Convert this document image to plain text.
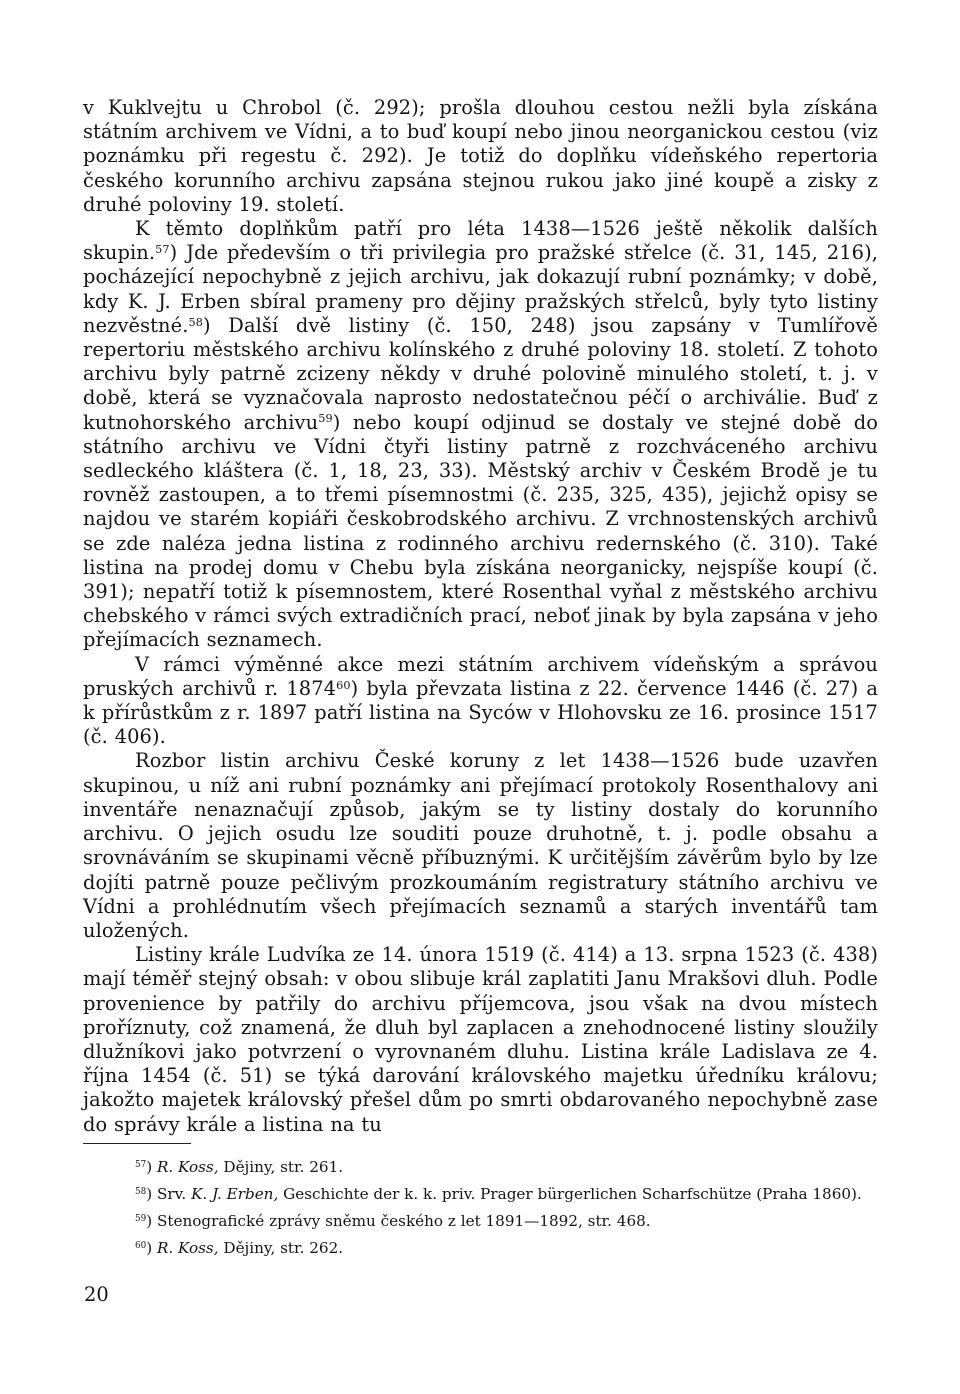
v Kuklvejtu u Chrobol (č. 292); prošla dlouhou cestou nežli byla získána státním archivem ve Vídni, a to buď koupí nebo jinou neorganickou cestou (viz poznámku při regestu č. 292). Je totiž do doplňku vídeňského repertoria českého korunního archivu zapsána stejnou rukou jako jiné koupě a zisky z druhé poloviny 19. století.

K těmto doplňkům patří pro léta 1438—1526 ještě několik dalších skupin.$^{57}$) Jde především o tři privilegia pro pražské střelce (č. 31, 145, 216), pocházející nepochybně z jejich archivu, jak dokazují rubní poznámky; v době, kdy K. J. Erben sbíral prameny pro dějiny pražských střelců, byly tyto listiny nezvěstné.$^{58}$) Další dvě listiny (č. 150, 248) jsou zapsány v Tumlířově repertoriu městského archivu kolínského z druhé poloviny 18. století. Z tohoto archivu byly patrně zcizeny někdy v druhé polovině minulého století, t. j. v době, která se vyznačovala naprosto nedostatečnou péčí o archiválie. Buď z kutnohorského archivu$^{59}$) nebo koupí odjinud se dostaly ve stejné době do státního archivu ve Vídni čtyři listiny patrně z rozchváceného archivu sedleckého kláštera (č. 1, 18, 23, 33). Městský archiv v Českém Brodě je tu rovněž zastoupen, a to třemi písemnostmi (č. 235, 325, 435), jejichž opisy se najdou ve starém kopiáři českobrodského archivu. Z vrchnostenských archivů se zde naléza jedna listina z rodinného archivu redernského (č. 310). Také listina na prodej domu v Chebu byla získána neorganicky, nejspíše koupí (č. 391); nepatří totiž k písemnostem, které Rosenthal vyňal z městského archivu chebského v rámci svých extradičních prací, neboť jinak by byla zapsána v jeho přejímacích seznamech.

V rámci výměnné akce mezi státním archivem vídeňským a správou pruských archivů r. 1874$^{60}$) byla převzata listina z 22. července 1446 (č. 27) a k přírůstkům z r. 1897 patří listina na Syców v Hlohovsku ze 16. prosince 1517 (č. 406).

Rozbor listin archivu České koruny z let 1438—1526 bude uzavřen skupinou, u níž ani rubní poznámky ani přejímací protokoly Rosenthalovy ani inventáře nenaznačují způsob, jakým se ty listiny dostaly do korunního archivu. O jejich osudu lze souditi pouze druhotně, t. j. podle obsahu a srovnáváním se skupinami věcně příbuznými. K určitějším závěrům bylo by lze dojíti patrně pouze pečlivým prozkoumáním registratury státního archivu ve Vídni a prohlédnutím všech přejímacích seznamů a starých inventářů tam uložených.

Listiny krále Ludvíka ze 14. února 1519 (č. 414) a 13. srpna 1523 (č. 438) mají téměř stejný obsah: v obou slibuje král zaplatiti Janu Mrakšovi dluh. Podle provenience by patřily do archivu příjemcova, jsou však na dvou místech proříznuty, což znamená, že dluh byl zaplacen a znehodnocené listiny sloužily dlužníkovi jako potvrzení o vyrovnaném dluhu. Listina krále Ladislava ze 4. října 1454 (č. 51) se týká darování královského majetku úředníku královu; jakožto majetek královský přešel dům po smrti obdarovaného nepochybně zase do správy krále a listina na tu

$^{57}$) R. Koss, Dějiny, str. 261.

$^{58}$) Srv. K. J. Erben, Geschichte der k. k. priv. Prager bürgerlichen Scharfschütze (Praha 1860).

$^{59}$) Stenografické zprávy sněmu českého z let 1891—1892, str. 468.

$^{60}$) R. Koss, Dějiny, str. 262.

20
